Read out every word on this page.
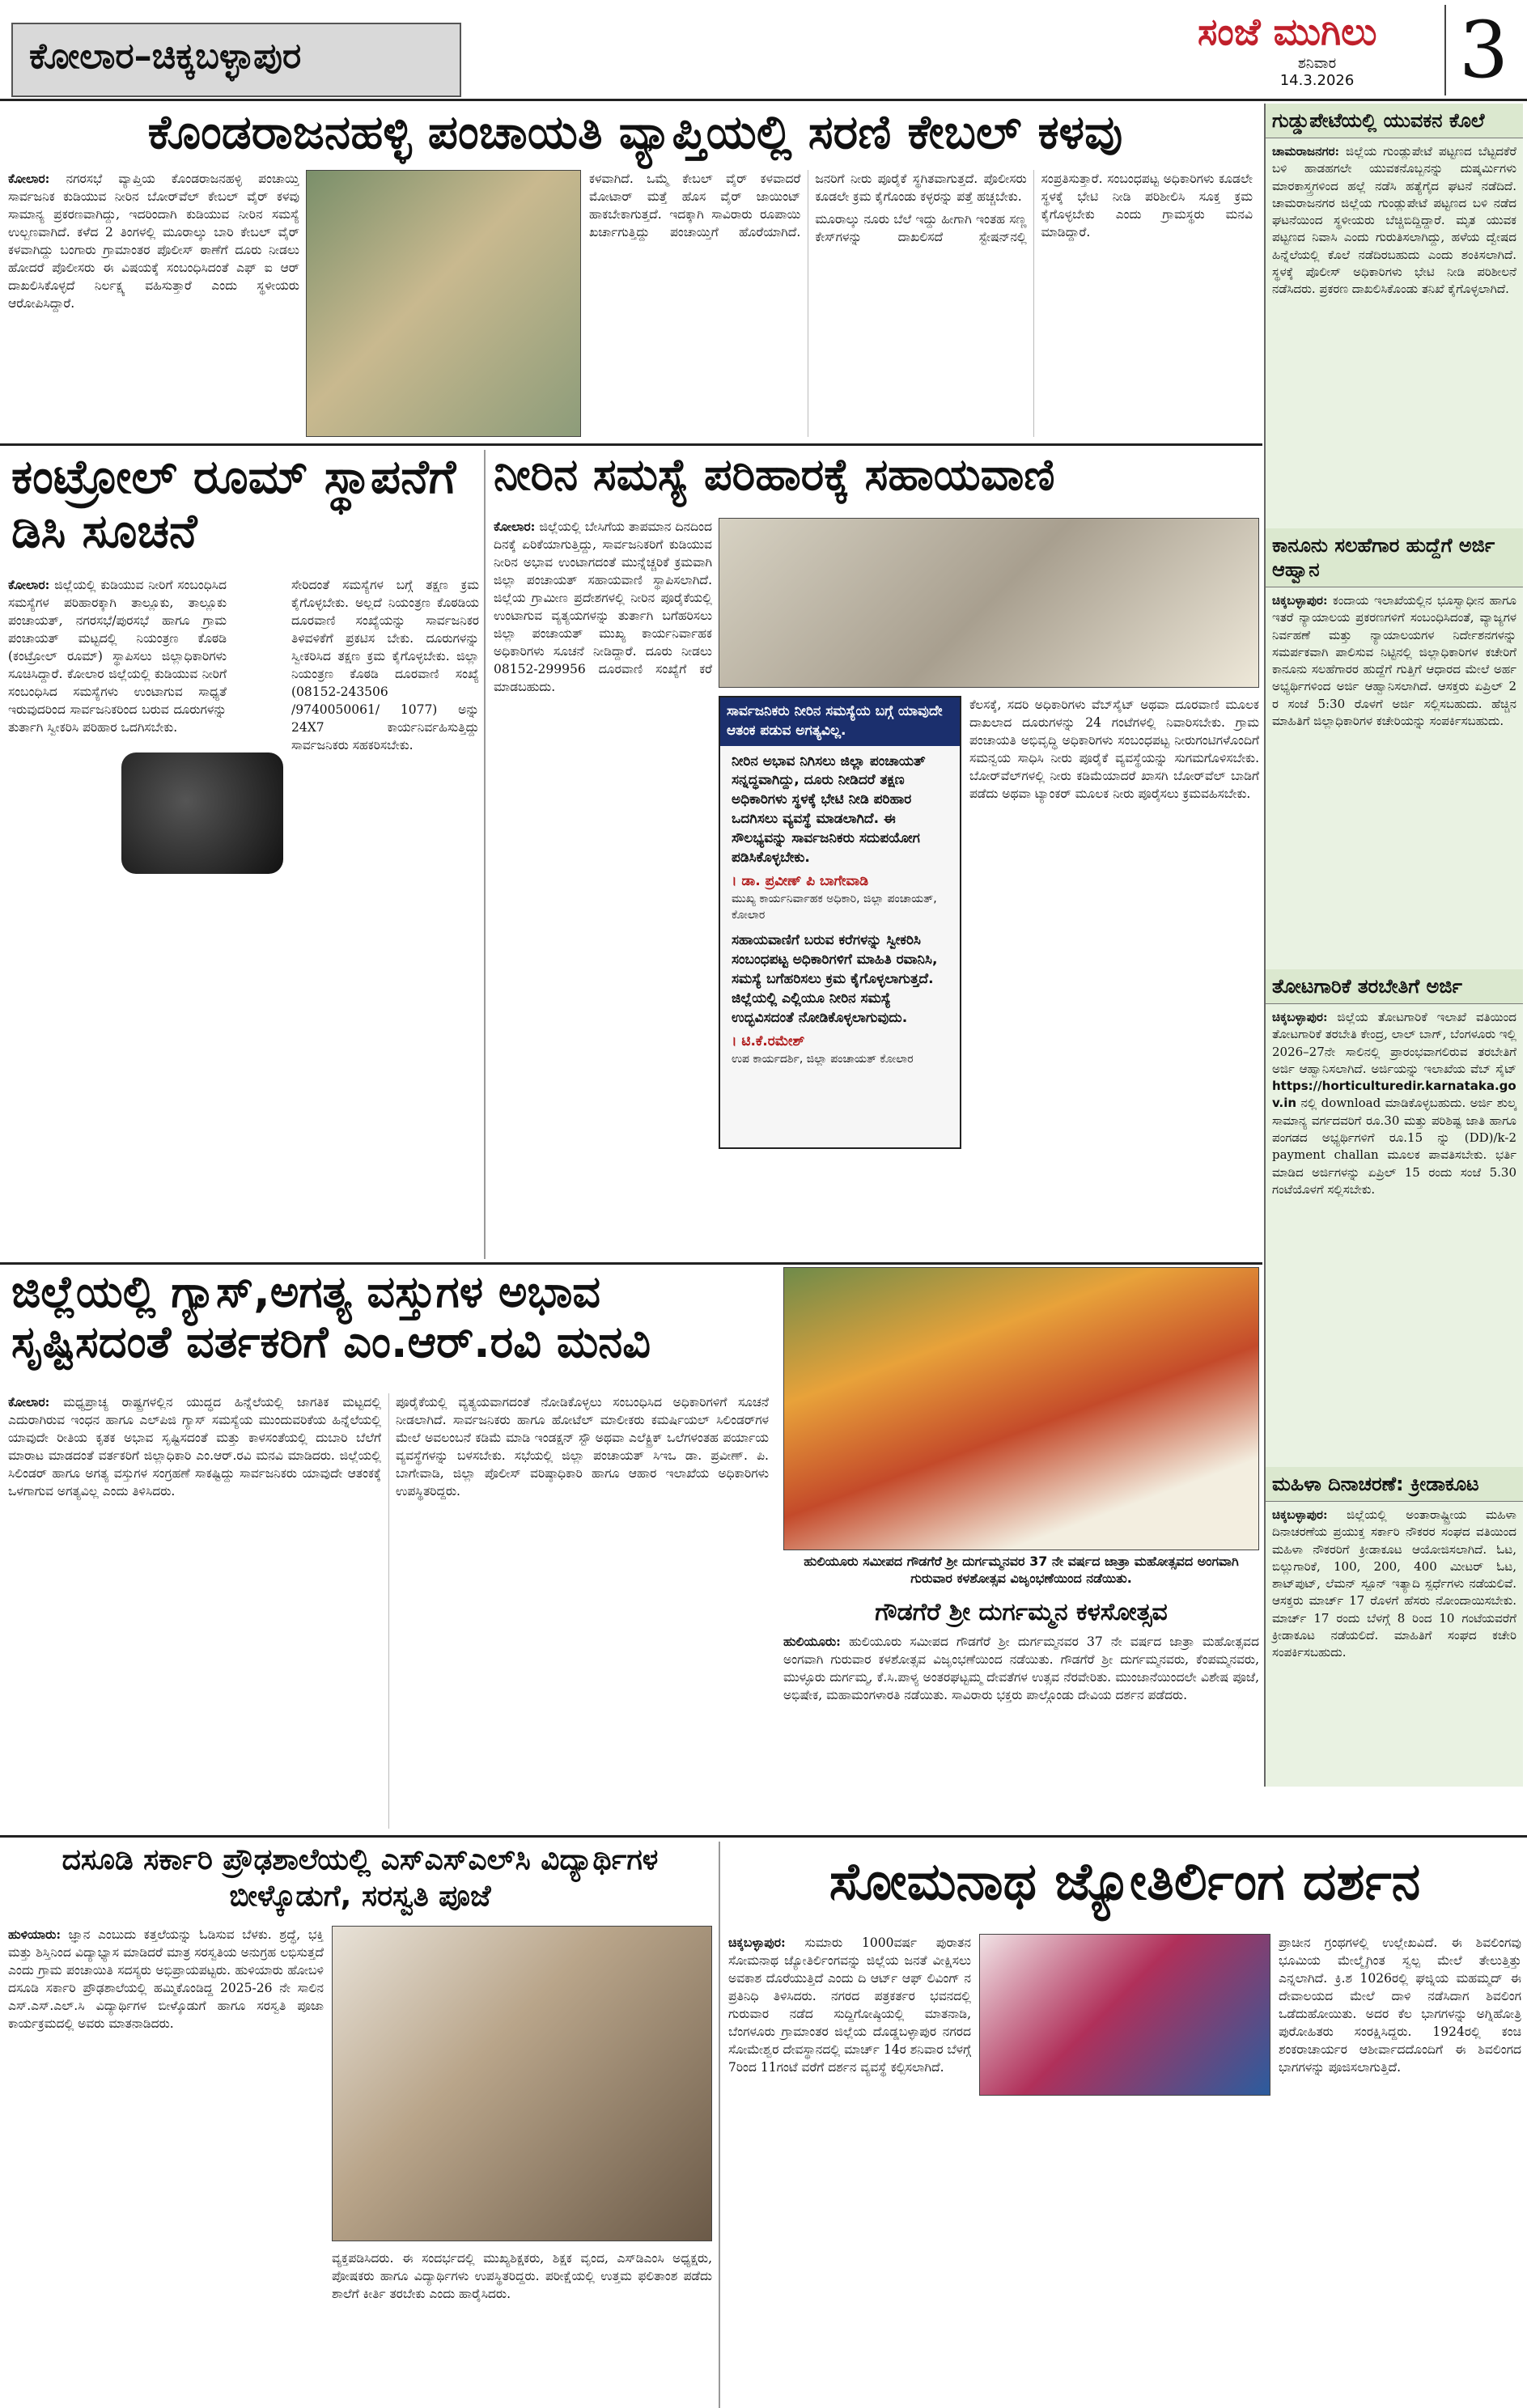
ಕೋಲಾರ–ಚಿಕ್ಕಬಳ್ಳಾಪುರ
ಸಂಜೆ ಮುಗಿಲು
ಶನಿವಾರ
14.3.2026	3
ಕೊಂಡರಾಜನಹಳ್ಳಿ ಪಂಚಾಯತಿ ವ್ಯಾಪ್ತಿಯಲ್ಲಿ ಸರಣಿ ಕೇಬಲ್ ಕಳವು
ಕೋಲಾರ: ನಗರಸಭೆ ವ್ಯಾಪ್ತಿಯ ಕೊಂಡರಾಜನಹಳ್ಳಿ ಪಂಚಾಯ್ತಿ ಸಾರ್ವಜನಿಕ ಕುಡಿಯುವ ನೀರಿನ ಬೋರ್‌ವೆಲ್ ಕೇಬಲ್ ವೈರ್ ಕಳವು ಸಾಮಾನ್ಯ ಪ್ರಕರಣವಾಗಿದ್ದು, ಇದರಿಂದಾಗಿ ಕುಡಿಯುವ ನೀರಿನ ಸಮಸ್ಯೆ ಉಲ್ಬಣವಾಗಿದೆ. ಕಳೆದ 2 ತಿಂಗಳಲ್ಲಿ ಮೂರಾಲ್ಕು ಬಾರಿ ಕೇಬಲ್ ವೈರ್ ಕಳವಾಗಿದ್ದು ಬಂಗಾರು ಗ್ರಾಮಾಂತರ ಪೊಲೀಸ್ ಠಾಣೆಗೆ ದೂರು ನೀಡಲು ಹೋದರೆ ಪೊಲೀಸರು ಈ ವಿಷಯಕ್ಕೆ ಸಂಬಂಧಿಸಿದಂತೆ ಎಫ್ ಐ ಆರ್ ದಾಖಲಿಸಿಕೊಳ್ಳದೆ ನಿರ್ಲಕ್ಷ್ಯ ವಹಿಸುತ್ತಾರೆ ಎಂದು ಸ್ಥಳೀಯರು ಆರೋಪಿಸಿದ್ದಾರೆ.

ಕಳವಾಗಿದೆ. ಒಮ್ಮೆ ಕೇಬಲ್ ವೈರ್ ಕಳವಾದರೆ ಮೋಟಾರ್ ಮತ್ತೆ ಹೊಸ ವೈರ್ ಜಾಯಿಂಟ್ ಹಾಕಬೇಕಾಗುತ್ತದೆ. ಇದಕ್ಕಾಗಿ ಸಾವಿರಾರು ರೂಪಾಯಿ ಖರ್ಚಾಗುತ್ತಿದ್ದು ಪಂಚಾಯ್ತಿಗೆ ಹೊರೆಯಾಗಿದೆ. ಜನರಿಗೆ ನೀರು ಪೂರೈಕೆ ಸ್ಥಗಿತವಾಗುತ್ತದೆ. ಪೊಲೀಸರು ಕೂಡಲೇ ಕ್ರಮ ಕೈಗೊಂಡು ಕಳ್ಳರನ್ನು ಪತ್ತೆ ಹಚ್ಚಬೇಕು.

ಮೂರಾಲ್ಕು ನೂರು ಬೆಲೆ ಇದ್ದು ಹೀಗಾಗಿ ಇಂತಹ ಸಣ್ಣ ಕೇಸ್‌ಗಳನ್ನು ದಾಖಲಿಸದೆ ಸ್ಟೇಷನ್‌ನಲ್ಲಿ ಸಂಪ್ರತಿಸುತ್ತಾರೆ. ಸಂಬಂಧಪಟ್ಟ ಅಧಿಕಾರಿಗಳು ಕೂಡಲೇ ಸ್ಥಳಕ್ಕೆ ಭೇಟಿ ನೀಡಿ ಪರಿಶೀಲಿಸಿ ಸೂಕ್ತ ಕ್ರಮ ಕೈಗೊಳ್ಳಬೇಕು ಎಂದು ಗ್ರಾಮಸ್ಥರು ಮನವಿ ಮಾಡಿದ್ದಾರೆ.

ಗುಡ್ಡುಪೇಟೆಯಲ್ಲಿ ಯುವಕನ ಕೊಲೆ
ಚಾಮರಾಜನಗರ: ಜಿಲ್ಲೆಯ ಗುಂಡ್ಲುಪೇಟೆ ಪಟ್ಟಣದ ಬೆಟ್ಟದಕೆರೆ ಬಳಿ ಹಾಡಹಗಲೇ ಯುವಕನೊಬ್ಬನನ್ನು ದುಷ್ಕರ್ಮಿಗಳು ಮಾರಕಾಸ್ತ್ರಗಳಿಂದ ಹಲ್ಲೆ ನಡೆಸಿ ಹತ್ಯೆಗೈದ ಘಟನೆ ನಡೆದಿದೆ. ಚಾಮರಾಜನಗರ ಜಿಲ್ಲೆಯ ಗುಂಡ್ಲುಪೇಟೆ ಪಟ್ಟಣದ ಬಳಿ ನಡೆದ ಘಟನೆಯಿಂದ ಸ್ಥಳೀಯರು ಬೆಚ್ಚಿಬಿದ್ದಿದ್ದಾರೆ. ಮೃತ ಯುವಕ ಪಟ್ಟಣದ ನಿವಾಸಿ ಎಂದು ಗುರುತಿಸಲಾಗಿದ್ದು, ಹಳೆಯ ದ್ವೇಷದ ಹಿನ್ನೆಲೆಯಲ್ಲಿ ಕೊಲೆ ನಡೆದಿರಬಹುದು ಎಂದು ಶಂಕಿಸಲಾಗಿದೆ. ಸ್ಥಳಕ್ಕೆ ಪೊಲೀಸ್ ಅಧಿಕಾರಿಗಳು ಭೇಟಿ ನೀಡಿ ಪರಿಶೀಲನೆ ನಡೆಸಿದರು. ಪ್ರಕರಣ ದಾಖಲಿಸಿಕೊಂಡು ತನಿಖೆ ಕೈಗೊಳ್ಳಲಾಗಿದೆ.
ಕಾನೂನು ಸಲಹೆಗಾರ ಹುದ್ದೆಗೆ ಅರ್ಜಿ ಆಹ್ವಾನ
ಚಿಕ್ಕಬಳ್ಳಾಪುರ: ಕಂದಾಯ ಇಲಾಖೆಯಲ್ಲಿನ ಭೂಸ್ವಾಧೀನ ಹಾಗೂ ಇತರೆ ನ್ಯಾಯಾಲಯ ಪ್ರಕರಣಗಳಿಗೆ ಸಂಬಂಧಿಸಿದಂತೆ, ವ್ಯಾಜ್ಯಗಳ ನಿರ್ವಹಣೆ ಮತ್ತು ನ್ಯಾಯಾಲಯಗಳ ನಿರ್ದೇಶನಗಳನ್ನು ಸಮರ್ಪಕವಾಗಿ ಪಾಲಿಸುವ ನಿಟ್ಟಿನಲ್ಲಿ ಜಿಲ್ಲಾಧಿಕಾರಿಗಳ ಕಚೇರಿಗೆ ಕಾನೂನು ಸಲಹೆಗಾರರ ಹುದ್ದೆಗೆ ಗುತ್ತಿಗೆ ಆಧಾರದ ಮೇಲೆ ಅರ್ಹ ಅಭ್ಯರ್ಥಿಗಳಿಂದ ಅರ್ಜಿ ಆಹ್ವಾನಿಸಲಾಗಿದೆ. ಆಸಕ್ತರು ಏಪ್ರಿಲ್ 2 ರ ಸಂಜೆ 5:30 ರೊಳಗೆ ಅರ್ಜಿ ಸಲ್ಲಿಸಬಹುದು. ಹೆಚ್ಚಿನ ಮಾಹಿತಿಗೆ ಜಿಲ್ಲಾಧಿಕಾರಿಗಳ ಕಚೇರಿಯನ್ನು ಸಂಪರ್ಕಿಸಬಹುದು.
ತೋಟಗಾರಿಕೆ ತರಬೇತಿಗೆ ಅರ್ಜಿ
ಚಿಕ್ಕಬಳ್ಳಾಪುರ: ಜಿಲ್ಲೆಯ ತೋಟಗಾರಿಕೆ ಇಲಾಖೆ ವತಿಯಿಂದ ತೋಟಗಾರಿಕೆ ತರಬೇತಿ ಕೇಂದ್ರ, ಲಾಲ್ ಬಾಗ್, ಬೆಂಗಳೂರು ಇಲ್ಲಿ 2026–27ನೇ ಸಾಲಿನಲ್ಲಿ ಪ್ರಾರಂಭವಾಗಲಿರುವ ತರಬೇತಿಗೆ ಅರ್ಜಿ ಆಹ್ವಾನಿಸಲಾಗಿದೆ. ಅರ್ಜಿಯನ್ನು ಇಲಾಖೆಯ ವೆಬ್ ಸೈಟ್ https://horticulturedir.karnataka.gov.in ನಲ್ಲಿ download ಮಾಡಿಕೊಳ್ಳಬಹುದು. ಅರ್ಜಿ ಶುಲ್ಕ ಸಾಮಾನ್ಯ ವರ್ಗದವರಿಗೆ ರೂ.30 ಮತ್ತು ಪರಿಶಿಷ್ಟ ಜಾತಿ ಹಾಗೂ ಪಂಗಡದ ಅಭ್ಯರ್ಥಿಗಳಿಗೆ ರೂ.15 ನ್ನು (DD)/k-2 payment challan ಮೂಲಕ ಪಾವತಿಸಬೇಕು. ಭರ್ತಿ ಮಾಡಿದ ಅರ್ಜಿಗಳನ್ನು ಏಪ್ರಿಲ್ 15 ರಂದು ಸಂಜೆ 5.30 ಗಂಟೆಯೊಳಗೆ ಸಲ್ಲಿಸಬೇಕು.
ಮಹಿಳಾ ದಿನಾಚರಣೆ: ಕ್ರೀಡಾಕೂಟ
ಚಿಕ್ಕಬಳ್ಳಾಪುರ: ಜಿಲ್ಲೆಯಲ್ಲಿ ಅಂತಾರಾಷ್ಟ್ರೀಯ ಮಹಿಳಾ ದಿನಾಚರಣೆಯ ಪ್ರಯುಕ್ತ ಸರ್ಕಾರಿ ನೌಕರರ ಸಂಘದ ವತಿಯಿಂದ ಮಹಿಳಾ ನೌಕರರಿಗೆ ಕ್ರೀಡಾಕೂಟ ಆಯೋಜಿಸಲಾಗಿದೆ. ಓಟ, ಬಿಲ್ಲುಗಾರಿಕೆ, 100, 200, 400 ಮೀಟರ್ ಓಟ, ಶಾಟ್‌ಪುಟ್, ಲೆಮನ್ ಸ್ಪೂನ್ ಇತ್ಯಾದಿ ಸ್ಪರ್ಧೆಗಳು ನಡೆಯಲಿವೆ. ಆಸಕ್ತರು ಮಾರ್ಚ್ 17 ರೊಳಗೆ ಹೆಸರು ನೋಂದಾಯಿಸಬೇಕು. ಮಾರ್ಚ್ 17 ರಂದು ಬೆಳಗ್ಗೆ 8 ರಿಂದ 10 ಗಂಟೆಯವರೆಗೆ ಕ್ರೀಡಾಕೂಟ ನಡೆಯಲಿದೆ. ಮಾಹಿತಿಗೆ ಸಂಘದ ಕಚೇರಿ ಸಂಪರ್ಕಿಸಬಹುದು.
ಕಂಟ್ರೋಲ್ ರೂಮ್ ಸ್ಥಾಪನೆಗೆ ಡಿಸಿ ಸೂಚನೆ
ಕೋಲಾರ: ಜಿಲ್ಲೆಯಲ್ಲಿ ಕುಡಿಯುವ ನೀರಿಗೆ ಸಂಬಂಧಿಸಿದ ಸಮಸ್ಯೆಗಳ ಪರಿಹಾರಕ್ಕಾಗಿ ತಾಲ್ಲೂಕು, ತಾಲ್ಲೂಕು ಪಂಚಾಯತ್, ನಗರಸಭೆ/ಪುರಸಭೆ ಹಾಗೂ ಗ್ರಾಮ ಪಂಚಾಯತ್ ಮಟ್ಟದಲ್ಲಿ ನಿಯಂತ್ರಣ ಕೊಠಡಿ (ಕಂಟ್ರೋಲ್ ರೂಮ್) ಸ್ಥಾಪಿಸಲು ಜಿಲ್ಲಾಧಿಕಾರಿಗಳು ಸೂಚಿಸಿದ್ದಾರೆ. ಕೋಲಾರ ಜಿಲ್ಲೆಯಲ್ಲಿ ಕುಡಿಯುವ ನೀರಿಗೆ ಸಂಬಂಧಿಸಿದ ಸಮಸ್ಯೆಗಳು ಉಂಟಾಗುವ ಸಾಧ್ಯತೆ ಇರುವುದರಿಂದ ಸಾರ್ವಜನಿಕರಿಂದ ಬರುವ ದೂರುಗಳನ್ನು ತುರ್ತಾಗಿ ಸ್ವೀಕರಿಸಿ ಪರಿಹಾರ ಒದಗಿಸಬೇಕು.
ಸೇರಿದಂತೆ ಸಮಸ್ಯೆಗಳ ಬಗ್ಗೆ ತಕ್ಷಣ ಕ್ರಮ ಕೈಗೊಳ್ಳಬೇಕು. ಅಲ್ಲದೆ ನಿಯಂತ್ರಣ ಕೊಠಡಿಯ ದೂರವಾಣಿ ಸಂಖ್ಯೆಯನ್ನು ಸಾರ್ವಜನಿಕರ ತಿಳಿವಳಿಕೆಗೆ ಪ್ರಕಟಿಸ ಬೇಕು. ದೂರುಗಳನ್ನು ಸ್ವೀಕರಿಸಿದ ತಕ್ಷಣ ಕ್ರಮ ಕೈಗೊಳ್ಳಬೇಕು. ಜಿಲ್ಲಾ ನಿಯಂತ್ರಣ ಕೊಠಡಿ ದೂರವಾಣಿ ಸಂಖ್ಯೆ (08152-243506 /9740050061/ 1077) ಅನ್ನು 24X7 ಕಾರ್ಯನಿರ್ವಹಿಸುತ್ತಿದ್ದು ಸಾರ್ವಜನಿಕರು ಸಹಕರಿಸಬೇಕು.
ನೀರಿನ ಸಮಸ್ಯೆ ಪರಿಹಾರಕ್ಕೆ ಸಹಾಯವಾಣಿ
ಕೋಲಾರ: ಜಿಲ್ಲೆಯಲ್ಲಿ ಬೇಸಿಗೆಯ ತಾಪಮಾನ ದಿನದಿಂದ ದಿನಕ್ಕೆ ಏರಿಕೆಯಾಗುತ್ತಿದ್ದು, ಸಾರ್ವಜನಿಕರಿಗೆ ಕುಡಿಯುವ ನೀರಿನ ಅಭಾವ ಉಂಟಾಗದಂತೆ ಮುನ್ನೆಚ್ಚರಿಕೆ ಕ್ರಮವಾಗಿ ಜಿಲ್ಲಾ ಪಂಚಾಯತ್ ಸಹಾಯವಾಣಿ ಸ್ಥಾಪಿಸಲಾಗಿದೆ. ಜಿಲ್ಲೆಯ ಗ್ರಾಮೀಣ ಪ್ರದೇಶಗಳಲ್ಲಿ ನೀರಿನ ಪೂರೈಕೆಯಲ್ಲಿ ಉಂಟಾಗುವ ವ್ಯತ್ಯಯಗಳನ್ನು ತುರ್ತಾಗಿ ಬಗೆಹರಿಸಲು ಜಿಲ್ಲಾ ಪಂಚಾಯತ್ ಮುಖ್ಯ ಕಾರ್ಯನಿರ್ವಾಹಕ ಅಧಿಕಾರಿಗಳು ಸೂಚನೆ ನೀಡಿದ್ದಾರೆ. ದೂರು ನೀಡಲು 08152-299956 ದೂರವಾಣಿ ಸಂಖ್ಯೆಗೆ ಕರೆ ಮಾಡಬಹುದು.
ಸಾರ್ವಜನಿಕರು ನೀರಿನ ಸಮಸ್ಯೆಯ ಬಗ್ಗೆ ಯಾವುದೇ ಆತಂಕ ಪಡುವ ಅಗತ್ಯವಿಲ್ಲ.
ನೀರಿನ ಅಭಾವ ನಿಗಿಸಲು ಜಿಲ್ಲಾ ಪಂಚಾಯತ್ ಸನ್ನದ್ಧವಾಗಿದ್ದು, ದೂರು ನೀಡಿದರೆ ತಕ್ಷಣ ಅಧಿಕಾರಿಗಳು ಸ್ಥಳಕ್ಕೆ ಭೇಟಿ ನೀಡಿ ಪರಿಹಾರ ಒದಗಿಸಲು ವ್ಯವಸ್ಥೆ ಮಾಡಲಾಗಿದೆ. ಈ ಸೌಲಭ್ಯವನ್ನು ಸಾರ್ವಜನಿಕರು ಸದುಪಯೋಗ ಪಡಿಸಿಕೊಳ್ಳಬೇಕು.
। ಡಾ. ಪ್ರವೀಣ್ ಪಿ ಬಾಗೇವಾಡಿ
ಮುಖ್ಯ ಕಾರ್ಯನಿರ್ವಾಹಕ ಅಧಿಕಾರಿ, ಜಿಲ್ಲಾ ಪಂಚಾಯತ್, ಕೋಲಾರ
ಸಹಾಯವಾಣಿಗೆ ಬರುವ ಕರೆಗಳನ್ನು ಸ್ವೀಕರಿಸಿ ಸಂಬಂಧಪಟ್ಟ ಅಧಿಕಾರಿಗಳಿಗೆ ಮಾಹಿತಿ ರವಾನಿಸಿ, ಸಮಸ್ಯೆ ಬಗೆಹರಿಸಲು ಕ್ರಮ ಕೈಗೊಳ್ಳಲಾಗುತ್ತದೆ. ಜಿಲ್ಲೆಯಲ್ಲಿ ಎಲ್ಲಿಯೂ ನೀರಿನ ಸಮಸ್ಯೆ ಉದ್ಭವಿಸದಂತೆ ನೋಡಿಕೊಳ್ಳಲಾಗುವುದು.
। ಟಿ.ಕೆ.ರಮೇಶ್
ಉಪ ಕಾರ್ಯದರ್ಶಿ, ಜಿಲ್ಲಾ ಪಂಚಾಯತ್ ಕೋಲಾರ
ಕೆಲಸಕ್ಕೆ, ಸದರಿ ಅಧಿಕಾರಿಗಳು ವೆಬ್‌ಸೈಟ್ ಅಥವಾ ದೂರವಾಣಿ ಮೂಲಕ ದಾಖಲಾದ ದೂರುಗಳನ್ನು 24 ಗಂಟೆಗಳಲ್ಲಿ ನಿವಾರಿಸಬೇಕು. ಗ್ರಾಮ ಪಂಚಾಯತಿ ಅಭಿವೃದ್ಧಿ ಅಧಿಕಾರಿಗಳು ಸಂಬಂಧಪಟ್ಟ ನೀರುಗಂಟಿಗಳೊಂದಿಗೆ ಸಮನ್ವಯ ಸಾಧಿಸಿ ನೀರು ಪೂರೈಕೆ ವ್ಯವಸ್ಥೆಯನ್ನು ಸುಗಮಗೊಳಿಸಬೇಕು. ಬೋರ್‌ವೆಲ್‌ಗಳಲ್ಲಿ ನೀರು ಕಡಿಮೆಯಾದರೆ ಖಾಸಗಿ ಬೋರ್‌ವೆಲ್ ಬಾಡಿಗೆ ಪಡೆದು ಅಥವಾ ಟ್ಯಾಂಕರ್ ಮೂಲಕ ನೀರು ಪೂರೈಸಲು ಕ್ರಮವಹಿಸಬೇಕು.
ಜಿಲ್ಲೆಯಲ್ಲಿ ಗ್ಯಾಸ್,ಅಗತ್ಯ ವಸ್ತುಗಳ ಅಭಾವ ಸೃಷ್ಟಿಸದಂತೆ ವರ್ತಕರಿಗೆ ಎಂ.ಆರ್.ರವಿ ಮನವಿ

ಕೋಲಾರ: ಮಧ್ಯಪ್ರಾಚ್ಯ ರಾಷ್ಟ್ರಗಳಲ್ಲಿನ ಯುದ್ಧದ ಹಿನ್ನೆಲೆಯಲ್ಲಿ ಜಾಗತಿಕ ಮಟ್ಟದಲ್ಲಿ ಎದುರಾಗಿರುವ ಇಂಧನ ಹಾಗೂ ಎಲ್‌ಪಿಜಿ ಗ್ಯಾಸ್ ಸಮಸ್ಯೆಯ ಮುಂದುವರಿಕೆಯ ಹಿನ್ನೆಲೆಯಲ್ಲಿ ಯಾವುದೇ ರೀತಿಯ ಕೃತಕ ಅಭಾವ ಸೃಷ್ಟಿಸದಂತೆ ಮತ್ತು ಕಾಳಸಂತೆಯಲ್ಲಿ ದುಬಾರಿ ಬೆಲೆಗೆ ಮಾರಾಟ ಮಾಡದಂತೆ ವರ್ತಕರಿಗೆ ಜಿಲ್ಲಾಧಿಕಾರಿ ಎಂ.ಆರ್.ರವಿ ಮನವಿ ಮಾಡಿದರು. ಜಿಲ್ಲೆಯಲ್ಲಿ ಸಿಲಿಂಡರ್ ಹಾಗೂ ಅಗತ್ಯ ವಸ್ತುಗಳ ಸಂಗ್ರಹಣೆ ಸಾಕಷ್ಟಿದ್ದು ಸಾರ್ವಜನಿಕರು ಯಾವುದೇ ಆತಂಕಕ್ಕೆ ಒಳಗಾಗುವ ಅಗತ್ಯವಿಲ್ಲ ಎಂದು ತಿಳಿಸಿದರು.

ಪೂರೈಕೆಯಲ್ಲಿ ವ್ಯತ್ಯಯವಾಗದಂತೆ ನೋಡಿಕೊಳ್ಳಲು ಸಂಬಂಧಿಸಿದ ಅಧಿಕಾರಿಗಳಿಗೆ ಸೂಚನೆ ನೀಡಲಾಗಿದೆ. ಸಾರ್ವಜನಿಕರು ಹಾಗೂ ಹೋಟೆಲ್ ಮಾಲೀಕರು ಕಮರ್ಷಿಯಲ್ ಸಿಲಿಂಡರ್‌ಗಳ ಮೇಲೆ ಅವಲಂಬನೆ ಕಡಿಮೆ ಮಾಡಿ ಇಂಡಕ್ಷನ್ ಸ್ಟೌ ಅಥವಾ ಎಲೆಕ್ಟ್ರಿಕ್ ಒಲೆಗಳಂತಹ ಪರ್ಯಾಯ ವ್ಯವಸ್ಥೆಗಳನ್ನು ಬಳಸಬೇಕು. ಸಭೆಯಲ್ಲಿ ಜಿಲ್ಲಾ ಪಂಚಾಯತ್ ಸಿಇಒ ಡಾ. ಪ್ರವೀಣ್. ಪಿ. ಬಾಗೇವಾಡಿ, ಜಿಲ್ಲಾ ಪೊಲೀಸ್ ವರಿಷ್ಠಾಧಿಕಾರಿ ಹಾಗೂ ಆಹಾರ ಇಲಾಖೆಯ ಅಧಿಕಾರಿಗಳು ಉಪಸ್ಥಿತರಿದ್ದರು.

ಹುಲಿಯೂರು ಸಮೀಪದ ಗೌಡಗೆರೆ ಶ್ರೀ ದುರ್ಗಮ್ಮನವರ 37 ನೇ ವರ್ಷದ ಜಾತ್ರಾ ಮಹೋತ್ಸವದ ಅಂಗವಾಗಿ ಗುರುವಾರ ಕಳಶೋತ್ಸವ ವಿಜೃಂಭಣೆಯಿಂದ ನಡೆಯಿತು.
ಗೌಡಗೆರೆ ಶ್ರೀ ದುರ್ಗಮ್ಮನ ಕಳಸೋತ್ಸವ
ಹುಲಿಯೂರು: ಹುಲಿಯೂರು ಸಮೀಪದ ಗೌಡಗೆರೆ ಶ್ರೀ ದುರ್ಗಮ್ಮನವರ 37 ನೇ ವರ್ಷದ ಜಾತ್ರಾ ಮಹೋತ್ಸವದ ಅಂಗವಾಗಿ ಗುರುವಾರ ಕಳಶೋತ್ಸವ ವಿಜೃಂಭಣೆಯಿಂದ ನಡೆಯಿತು. ಗೌಡಗೆರೆ ಶ್ರೀ ದುರ್ಗಮ್ಮನವರು, ಕೆಂಪಮ್ಮನವರು, ಮುಳ್ಳೂರು ದುರ್ಗಮ್ಮ, ಕೆ.ಸಿ.ಪಾಳ್ಯ ಅಂತರಘಟ್ಟಮ್ಮ ದೇವತೆಗಳ ಉತ್ಸವ ನೆರವೇರಿತು. ಮುಂಜಾನೆಯಿಂದಲೇ ವಿಶೇಷ ಪೂಜೆ, ಅಭಿಷೇಕ, ಮಹಾಮಂಗಳಾರತಿ ನಡೆಯಿತು. ಸಾವಿರಾರು ಭಕ್ತರು ಪಾಲ್ಗೊಂಡು ದೇವಿಯ ದರ್ಶನ ಪಡೆದರು.
ದಸೂಡಿ ಸರ್ಕಾರಿ ಪ್ರೌಢಶಾಲೆಯಲ್ಲಿ ಎಸ್‌ಎಸ್‌ಎಲ್‌ಸಿ ವಿದ್ಯಾರ್ಥಿಗಳ ಬೀಳ್ಕೊಡುಗೆ, ಸರಸ್ವತಿ ಪೂಜೆ
ಹುಳಿಯಾರು: ಜ್ಞಾನ ಎಂಬುದು ಕತ್ತಲೆಯನ್ನು ಓಡಿಸುವ ಬೆಳಕು. ಶ್ರದ್ಧೆ, ಭಕ್ತಿ ಮತ್ತು ಶಿಸ್ತಿನಿಂದ ವಿದ್ಯಾಭ್ಯಾಸ ಮಾಡಿದರೆ ಮಾತ್ರ ಸರಸ್ವತಿಯ ಅನುಗ್ರಹ ಲಭಿಸುತ್ತದೆ ಎಂದು ಗ್ರಾಮ ಪಂಚಾಯಿತಿ ಸದಸ್ಯರು ಅಭಿಪ್ರಾಯಪಟ್ಟರು. ಹುಳಿಯಾರು ಹೋಬಳಿ ದಸೂಡಿ ಸರ್ಕಾರಿ ಪ್ರೌಢಶಾಲೆಯಲ್ಲಿ ಹಮ್ಮಿಕೊಂಡಿದ್ದ 2025-26 ನೇ ಸಾಲಿನ ಎಸ್.ಎಸ್.ಎಲ್.ಸಿ ವಿದ್ಯಾರ್ಥಿಗಳ ಬೀಳ್ಕೊಡುಗೆ ಹಾಗೂ ಸರಸ್ವತಿ ಪೂಜಾ ಕಾರ್ಯಕ್ರಮದಲ್ಲಿ ಅವರು ಮಾತನಾಡಿದರು.
ವ್ಯಕ್ತಪಡಿಸಿದರು. ಈ ಸಂದರ್ಭದಲ್ಲಿ ಮುಖ್ಯಶಿಕ್ಷಕರು, ಶಿಕ್ಷಕ ವೃಂದ, ಎಸ್‌ಡಿಎಂಸಿ ಅಧ್ಯಕ್ಷರು, ಪೋಷಕರು ಹಾಗೂ ವಿದ್ಯಾರ್ಥಿಗಳು ಉಪಸ್ಥಿತರಿದ್ದರು. ಪರೀಕ್ಷೆಯಲ್ಲಿ ಉತ್ತಮ ಫಲಿತಾಂಶ ಪಡೆದು ಶಾಲೆಗೆ ಕೀರ್ತಿ ತರಬೇಕು ಎಂದು ಹಾರೈಸಿದರು.
ಸೋಮನಾಥ ಜ್ಯೋತಿರ್ಲಿಂಗ ದರ್ಶನ
ಚಿಕ್ಕಬಳ್ಳಾಪುರ: ಸುಮಾರು 1000ವರ್ಷ ಪುರಾತನ ಸೋಮನಾಥ ಜ್ಯೋತಿರ್ಲಿಂಗವನ್ನು ಜಿಲ್ಲೆಯ ಜನತೆ ವೀಕ್ಷಿಸಲು ಅವಕಾಶ ದೊರೆಯುತ್ತಿದೆ ಎಂದು ದಿ ಆರ್ಟ್ ಆಫ್ ಲಿವಿಂಗ್ ನ ಪ್ರತಿನಿಧಿ ತಿಳಿಸಿದರು. ನಗರದ ಪತ್ರಕರ್ತರ ಭವನದಲ್ಲಿ ಗುರುವಾರ ನಡೆದ ಸುದ್ದಿಗೋಷ್ಠಿಯಲ್ಲಿ ಮಾತನಾಡಿ, ಬೆಂಗಳೂರು ಗ್ರಾಮಾಂತರ ಜಿಲ್ಲೆಯ ದೊಡ್ಡಬಳ್ಳಾಪುರ ನಗರದ ಸೋಮೇಶ್ವರ ದೇವಸ್ಥಾನದಲ್ಲಿ ಮಾರ್ಚ್ 14ರ ಶನಿವಾರ ಬೆಳಗ್ಗೆ 7ರಿಂದ 11ಗಂಟೆ ವರೆಗೆ ದರ್ಶನ ವ್ಯವಸ್ಥೆ ಕಲ್ಪಿಸಲಾಗಿದೆ.
ಪ್ರಾಚೀನ ಗ್ರಂಥಗಳಲ್ಲಿ ಉಲ್ಲೇಖವಿದೆ. ಈ ಶಿವಲಿಂಗವು ಭೂಮಿಯ ಮೇಲ್ಮೈಗಿಂತ ಸ್ವಲ್ಪ ಮೇಲೆ ತೇಲುತ್ತಿತ್ತು ಎನ್ನಲಾಗಿದೆ. ಕ್ರಿ.ಶ 1026ರಲ್ಲಿ ಘಜ್ನಿಯ ಮಹಮ್ಮದ್ ಈ ದೇವಾಲಯದ ಮೇಲೆ ದಾಳಿ ನಡೆಸಿದಾಗ ಶಿವಲಿಂಗ ಒಡೆದುಹೋಯಿತು. ಅದರ ಕೆಲ ಭಾಗಗಳನ್ನು ಅಗ್ನಿಹೋತ್ರಿ ಪುರೋಹಿತರು ಸಂರಕ್ಷಿಸಿದ್ದರು. 1924ರಲ್ಲಿ ಕಂಚಿ ಶಂಕರಾಚಾರ್ಯರ ಆಶೀರ್ವಾದದೊಂದಿಗೆ ಈ ಶಿವಲಿಂಗದ ಭಾಗಗಳನ್ನು ಪೂಜಿಸಲಾಗುತ್ತಿದೆ.
